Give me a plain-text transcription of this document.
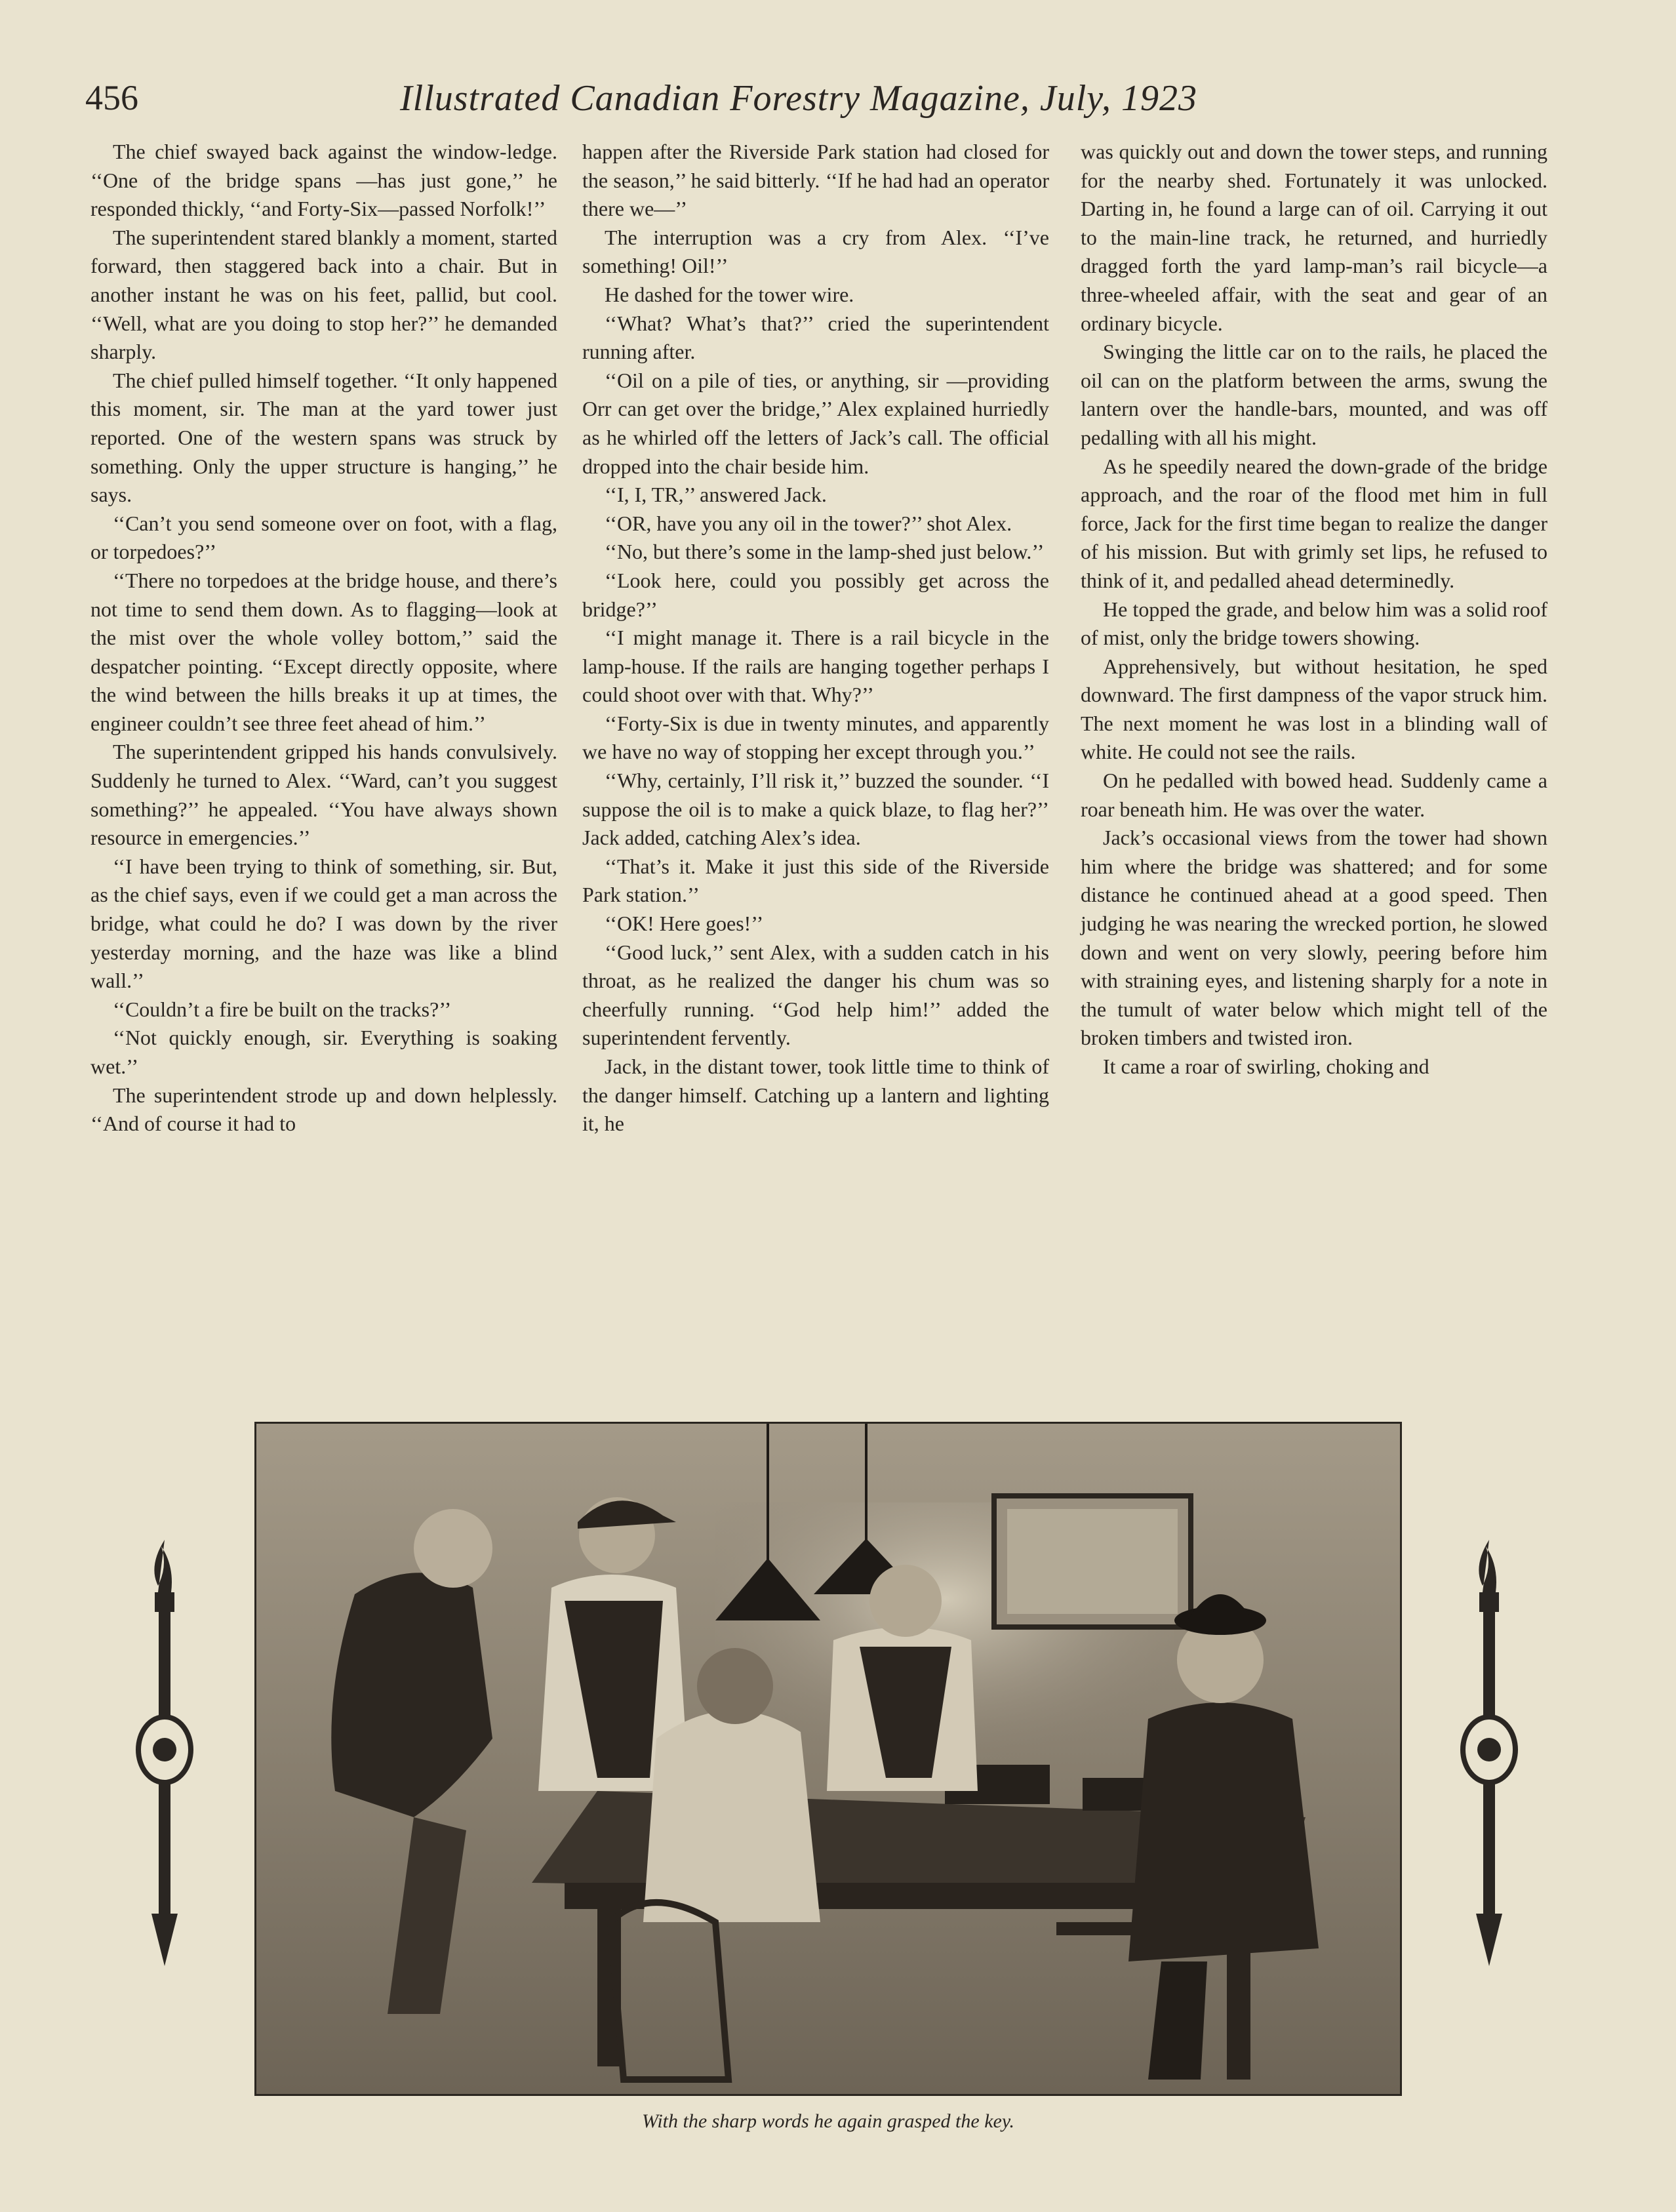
456	Illustrated Canadian Forestry Magazine, July, 1923

The chief swayed back against the window-ledge. ‘‘One of the bridge spans —has just gone,’’ he responded thickly, ‘‘and Forty-Six—passed Norfolk!’’

The superintendent stared blankly a moment, started forward, then staggered back into a chair. But in another instant he was on his feet, pallid, but cool. ‘‘Well, what are you doing to stop her?’’ he demanded sharply.

The chief pulled himself together. ‘‘It only happened this moment, sir. The man at the yard tower just reported. One of the western spans was struck by something. Only the upper structure is hanging,’’ he says.

‘‘Can’t you send someone over on foot, with a flag, or torpedoes?’’

‘‘There no torpedoes at the bridge house, and there’s not time to send them down. As to flagging—look at the mist over the whole volley bottom,’’ said the despatcher pointing. ‘‘Except directly opposite, where the wind between the hills breaks it up at times, the engineer couldn’t see three feet ahead of him.’’

The superintendent gripped his hands convulsively. Suddenly he turned to Alex. ‘‘Ward, can’t you suggest something?’’ he appealed. ‘‘You have always shown resource in emergencies.’’

‘‘I have been trying to think of something, sir. But, as the chief says, even if we could get a man across the bridge, what could he do? I was down by the river yesterday morning, and the haze was like a blind wall.’’

‘‘Couldn’t a fire be built on the tracks?’’

‘‘Not quickly enough, sir. Everything is soaking wet.’’

The superintendent strode up and down helplessly. ‘‘And of course it had to

happen after the Riverside Park station had closed for the season,’’ he said bitterly. ‘‘If he had had an operator there we—’’

The interruption was a cry from Alex. ‘‘I’ve something! Oil!’’

He dashed for the tower wire.

‘‘What? What’s that?’’ cried the superintendent running after.

‘‘Oil on a pile of ties, or anything, sir —providing Orr can get over the bridge,’’ Alex explained hurriedly as he whirled off the letters of Jack’s call. The official dropped into the chair beside him.

‘‘I, I, TR,’’ answered Jack.

‘‘OR, have you any oil in the tower?’’ shot Alex.

‘‘No, but there’s some in the lamp-shed just below.’’

‘‘Look here, could you possibly get across the bridge?’’

‘‘I might manage it. There is a rail bicycle in the lamp-house. If the rails are hanging together perhaps I could shoot over with that. Why?’’

‘‘Forty-Six is due in twenty minutes, and apparently we have no way of stopping her except through you.’’

‘‘Why, certainly, I’ll risk it,’’ buzzed the sounder. ‘‘I suppose the oil is to make a quick blaze, to flag her?’’ Jack added, catching Alex’s idea.

‘‘That’s it. Make it just this side of the Riverside Park station.’’

‘‘OK! Here goes!’’

‘‘Good luck,’’ sent Alex, with a sudden catch in his throat, as he realized the danger his chum was so cheerfully running. ‘‘God help him!’’ added the superintendent fervently.

Jack, in the distant tower, took little time to think of the danger himself. Catching up a lantern and lighting it, he

was quickly out and down the tower steps, and running for the nearby shed. Fortunately it was unlocked. Darting in, he found a large can of oil. Carrying it out to the main-line track, he returned, and hurriedly dragged forth the yard lamp-man’s rail bicycle—a three-wheeled affair, with the seat and gear of an ordinary bicycle.

Swinging the little car on to the rails, he placed the oil can on the platform between the arms, swung the lantern over the handle-bars, mounted, and was off pedalling with all his might.

As he speedily neared the down-grade of the bridge approach, and the roar of the flood met him in full force, Jack for the first time began to realize the danger of his mission. But with grimly set lips, he refused to think of it, and pedalled ahead determinedly.

He topped the grade, and below him was a solid roof of mist, only the bridge towers showing.

Apprehensively, but without hesitation, he sped downward. The first dampness of the vapor struck him. The next moment he was lost in a blinding wall of white. He could not see the rails.

On he pedalled with bowed head. Suddenly came a roar beneath him. He was over the water.

Jack’s occasional views from the tower had shown him where the bridge was shattered; and for some distance he continued ahead at a good speed. Then judging he was nearing the wrecked portion, he slowed down and went on very slowly, peering before him with straining eyes, and listening sharply for a note in the tumult of water below which might tell of the broken timbers and twisted iron.

It came a roar of swirling, choking and

With the sharp words he again grasped the key.
